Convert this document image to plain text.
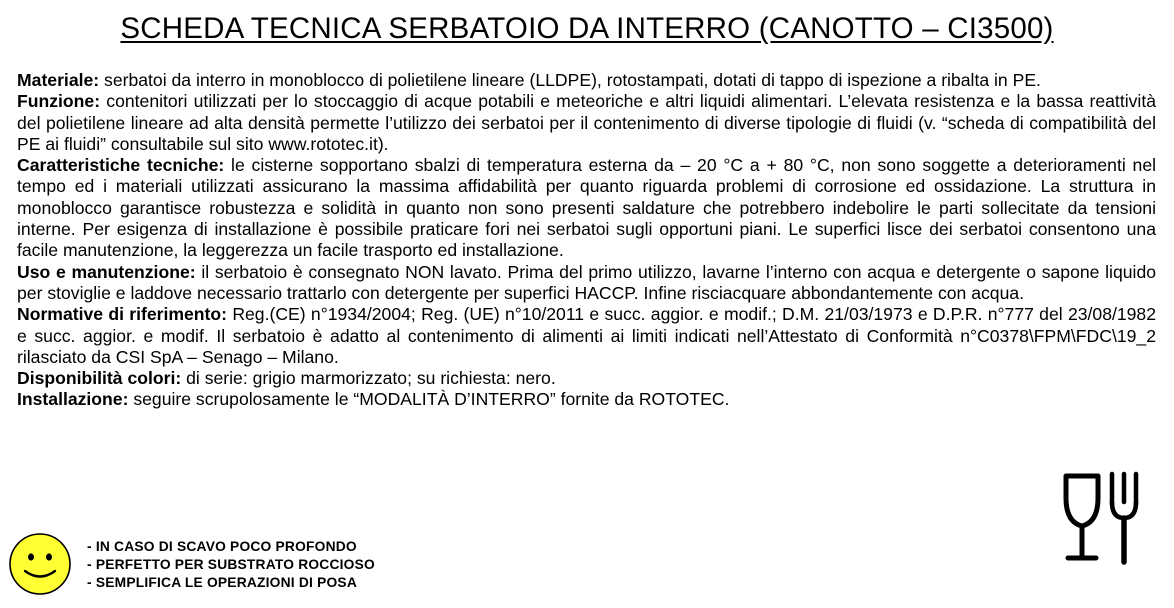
SCHEDA TECNICA SERBATOIO DA INTERRO (CANOTTO – CI3500)

Materiale: serbatoi da interro in monoblocco di polietilene lineare (LLDPE), rotostampati, dotati di tappo di ispezione a ribalta in PE.

Funzione: contenitori utilizzati per lo stoccaggio di acque potabili e meteoriche e altri liquidi alimentari. L’elevata resistenza e la bassa reattività del polietilene lineare ad alta densità permette l’utilizzo dei serbatoi per il contenimento di diverse tipologie di fluidi (v. “scheda di compatibilità del PE ai fluidi” consultabile sul sito www.rototec.it).

Caratteristiche tecniche: le cisterne sopportano sbalzi di temperatura esterna da – 20 °C a + 80 °C, non sono soggette a deterioramenti nel tempo ed i materiali utilizzati assicurano la massima affidabilità per quanto riguarda problemi di corrosione ed ossidazione. La struttura in monoblocco garantisce robustezza e solidità in quanto non sono presenti saldature che potrebbero indebolire le parti sollecitate da tensioni interne. Per esigenza di installazione è possibile praticare fori nei serbatoi sugli opportuni piani. Le superfici lisce dei serbatoi consentono una facile manutenzione, la leggerezza un facile trasporto ed installazione.

Uso e manutenzione: il serbatoio è consegnato NON lavato. Prima del primo utilizzo, lavarne l’interno con acqua e detergente o sapone liquido per stoviglie e laddove necessario trattarlo con detergente per superfici HACCP. Infine risciacquare abbondantemente con acqua.

Normative di riferimento: Reg.(CE) n°1934/2004; Reg. (UE) n°10/2011 e succ. aggior. e modif.; D.M. 21/03/1973 e D.P.R. n°777 del 23/08/1982 e succ. aggior. e modif. Il serbatoio è adatto al contenimento di alimenti ai limiti indicati nell’Attestato di Conformità n°C0378\FPM\FDC\19_2 rilasciato da CSI SpA – Senago – Milano.

Disponibilità colori: di serie: grigio marmorizzato; su richiesta: nero.

Installazione: seguire scrupolosamente le “MODALITÀ D’INTERRO” fornite da ROTOTEC.

- IN CASO DI SCAVO POCO PROFONDO
- PERFETTO PER SUBSTRATO ROCCIOSO
- SEMPLIFICA LE OPERAZIONI DI POSA
